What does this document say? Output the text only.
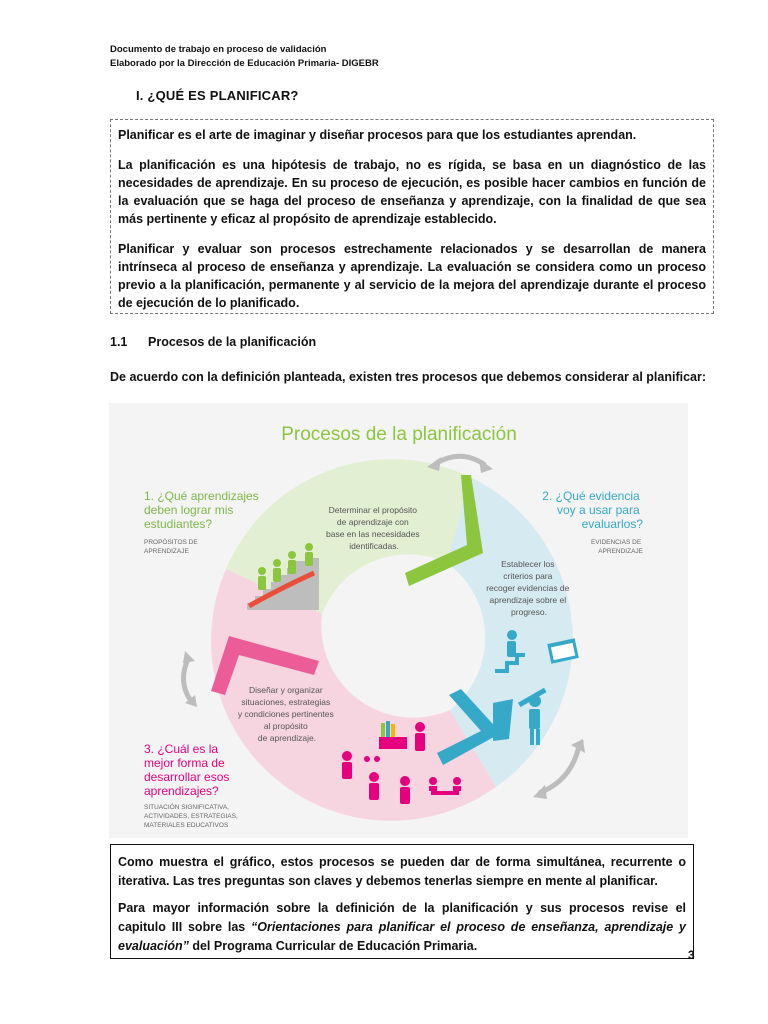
Documento de trabajo en proceso de validación
Elaborado por la Dirección de Educación Primaria- DIGEBR
I. ¿QUÉ ES PLANIFICAR?

Planificar es el arte de imaginar y diseñar procesos para que los estudiantes aprendan.

La planificación es una hipótesis de trabajo, no es rígida, se basa en un diagnóstico de las necesidades de aprendizaje. En su proceso de ejecución, es posible hacer cambios en función de la evaluación que se haga del proceso de enseñanza y aprendizaje, con la finalidad de que sea más pertinente y eficaz al propósito de aprendizaje establecido.

Planificar y evaluar son procesos estrechamente relacionados y se desarrollan de manera intrínseca al proceso de enseñanza y aprendizaje. La evaluación se considera como un proceso previo a la planificación, permanente y al servicio de la mejora del aprendizaje durante el proceso de ejecución de lo planificado.

1.1 Procesos de la planificación
De acuerdo con la definición planteada, existen tres procesos que debemos considerar al planificar:
Procesos de la planificación
Determinar el propósito de aprendizaje con base en las necesidades identificadas.
Establecer los criterios para recoger evidencias de aprendizaje sobre el progreso.
Diseñar y organizar situaciones, estrategias y condiciones pertinentes al propósito de aprendizaje.
1. ¿Qué aprendizajes deben lograr mis estudiantes?
PROPÓSITOS DE APRENDIZAJE
2. ¿Qué evidencia voy a usar para evaluarlos?
EVIDENCIAS DE APRENDIZAJE
3. ¿Cuál es la mejor forma de desarrollar esos aprendizajes?
SITUACIÓN SIGNIFICATIVA, ACTIVIDADES, ESTRATEGIAS, MATERIALES EDUCATIVOS

Como muestra el gráfico, estos procesos se pueden dar de forma simultánea, recurrente o iterativa. Las tres preguntas son claves y debemos tenerlas siempre en mente al planificar.

Para mayor información sobre la definición de la planificación y sus procesos revise el capitulo III sobre las “Orientaciones para planificar el proceso de enseñanza, aprendizaje y evaluación” del Programa Curricular de Educación Primaria.

3
